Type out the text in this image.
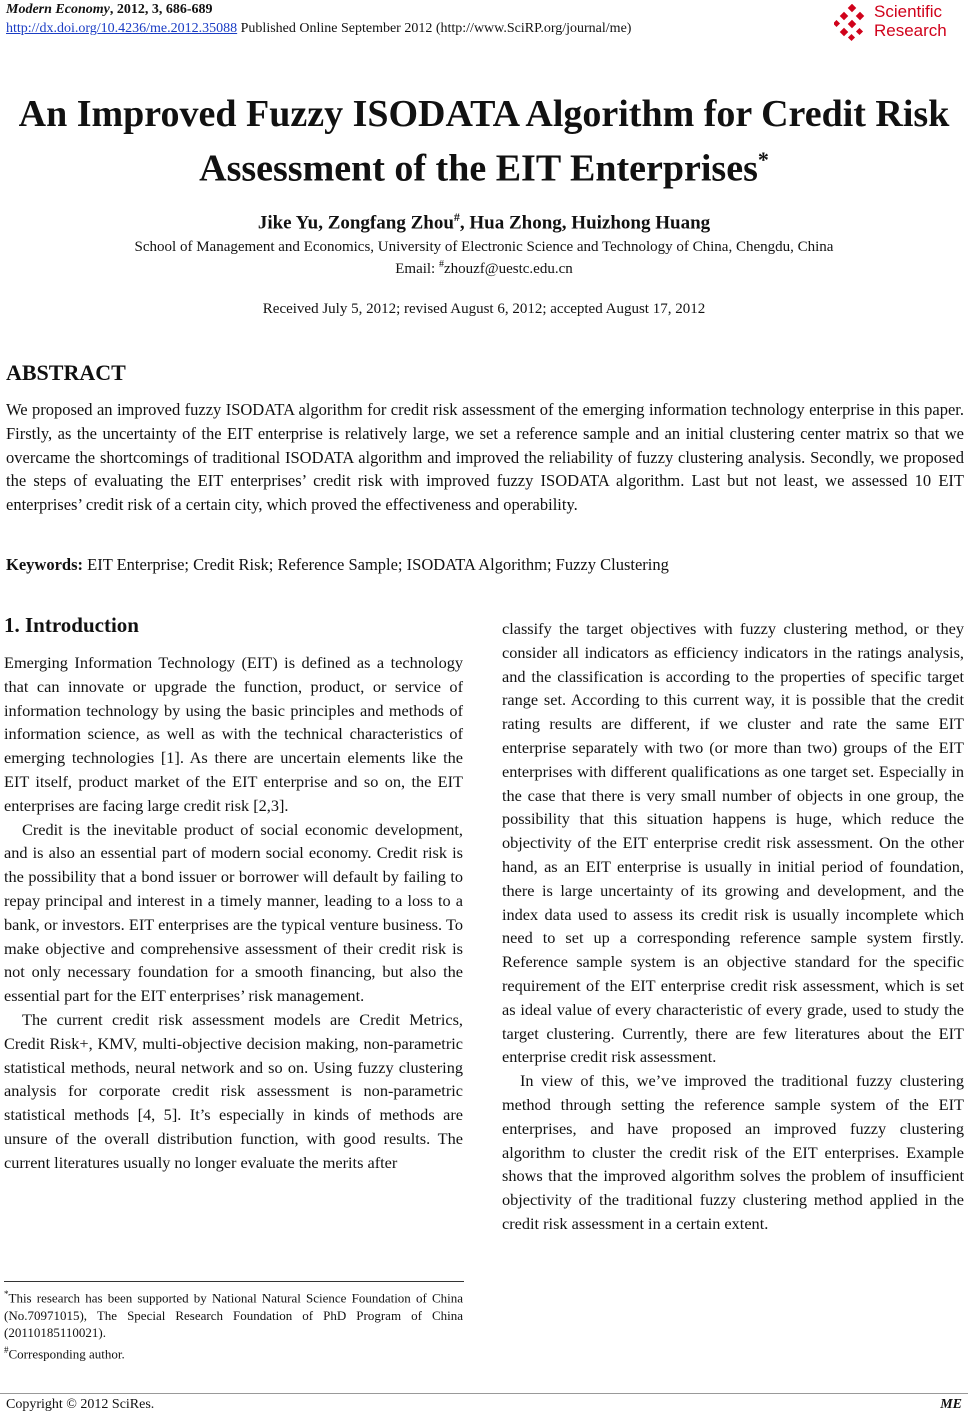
Modern Economy, 2012, 3, 686-689
http://dx.doi.org/10.4236/me.2012.35088 Published Online September 2012 (http://www.SciRP.org/journal/me)
Scientific
Research
An Improved Fuzzy ISODATA Algorithm for Credit Risk
Assessment of the EIT Enterprises*
Jike Yu, Zongfang Zhou#, Hua Zhong, Huizhong Huang
School of Management and Economics, University of Electronic Science and Technology of China, Chengdu, China
Email: #zhouzf@uestc.edu.cn
Received July 5, 2012; revised August 6, 2012; accepted August 17, 2012
ABSTRACT
We proposed an improved fuzzy ISODATA algorithm for credit risk assessment of the emerging information technology enterprise in this paper. Firstly, as the uncertainty of the EIT enterprise is relatively large, we set a reference sample and an initial clustering center matrix so that we overcame the shortcomings of traditional ISODATA algorithm and improved the reliability of fuzzy clustering analysis. Secondly, we proposed the steps of evaluating the EIT enterprises’ credit risk with improved fuzzy ISODATA algorithm. Last but not least, we assessed 10 EIT enterprises’ credit risk of a certain city, which proved the effectiveness and operability.
Keywords: EIT Enterprise; Credit Risk; Reference Sample; ISODATA Algorithm; Fuzzy Clustering
1. Introduction

Emerging Information Technology (EIT) is defined as a technology that can innovate or upgrade the function, product, or service of information technology by using the basic principles and methods of information science, as well as with the technical characteristics of emerging technologies [1]. As there are uncertain elements like the EIT itself, product market of the EIT enterprise and so on, the EIT enterprises are facing large credit risk [2,3].

Credit is the inevitable product of social economic development, and is also an essential part of modern social economy. Credit risk is the possibility that a bond issuer or borrower will default by failing to repay principal and interest in a timely manner, leading to a loss to a bank, or investors. EIT enterprises are the typical venture business. To make objective and comprehensive assessment of their credit risk is not only necessary foundation for a smooth financing, but also the essential part for the EIT enterprises’ risk management.

The current credit risk assessment models are Credit Metrics, Credit Risk+, KMV, multi-objective decision making, non-parametric statistical methods, neural network and so on. Using fuzzy clustering analysis for corporate credit risk assessment is non-parametric statistical methods [4, 5]. It’s especially in kinds of methods are unsure of the overall distribution function, with good results. The current literatures usually no longer evaluate the merits after

classify the target objectives with fuzzy clustering method, or they consider all indicators as efficiency indicators in the ratings analysis, and the classification is according to the properties of specific target range set. According to this current way, it is possible that the credit rating results are different, if we cluster and rate the same EIT enterprise separately with two (or more than two) groups of the EIT enterprises with different qualifications as one target set. Especially in the case that there is very small number of objects in one group, the possibility that this situation happens is huge, which reduce the objectivity of the EIT enterprise credit risk assessment. On the other hand, as an EIT enterprise is usually in initial period of foundation, there is large uncertainty of its growing and development, and the index data used to assess its credit risk is usually incomplete which need to set up a corresponding reference sample system firstly. Reference sample system is an objective standard for the specific requirement of the EIT enterprise credit risk assessment, which is set as ideal value of every characteristic of every grade, used to study the target clustering. Currently, there are few literatures about the EIT enterprise credit risk assessment.

In view of this, we’ve improved the traditional fuzzy clustering method through setting the reference sample system of the EIT enterprises, and have proposed an improved fuzzy clustering algorithm to cluster the credit risk of the EIT enterprises. Example shows that the improved algorithm solves the problem of insufficient objectivity of the traditional fuzzy clustering method applied in the credit risk assessment in a certain extent.

*This research has been supported by National Natural Science Foundation of China (No.70971015), The Special Research Foundation of PhD Program of China (20110185110021).
#Corresponding author.
Copyright © 2012 SciRes.	ME
